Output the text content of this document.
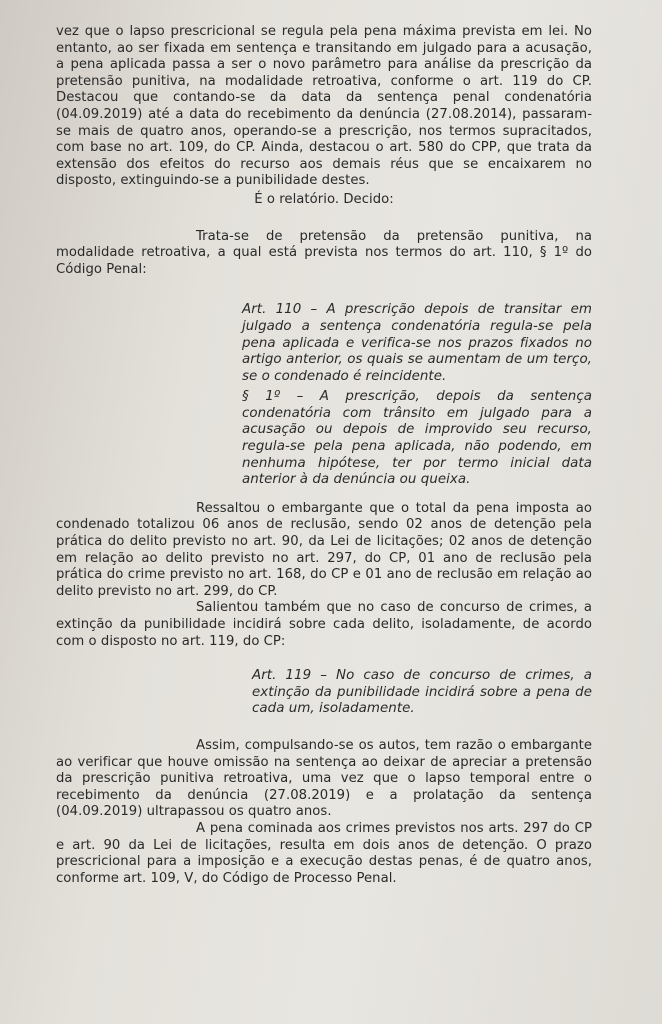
vez que o lapso prescricional se regula pela pena máxima prevista em lei. No entanto, ao ser fixada em sentença e transitando em julgado para a acusação, a pena aplicada passa a ser o novo parâmetro para análise da prescrição da pretensão punitiva, na modalidade retroativa, conforme o art. 119 do CP. Destacou que contando-se da data da sentença penal condenatória (04.09.2019) até a data do recebimento da denúncia (27.08.2014), passaram-se mais de quatro anos, operando-se a prescrição, nos termos supracitados, com base no art. 109, do CP. Ainda, destacou o art. 580 do CPP, que trata da extensão dos efeitos do recurso aos demais réus que se encaixarem no disposto, extinguindo-se a punibilidade destes.

É o relatório. Decido:

Trata-se de pretensão da pretensão punitiva, na modalidade retroativa, a qual está prevista nos termos do art. 110, § 1º do Código Penal:

Art. 110 – A prescrição depois de transitar em julgado a sentença condenatória regula-se pela pena aplicada e verifica-se nos prazos fixados no artigo anterior, os quais se aumentam de um terço, se o condenado é reincidente.

§ 1º – A prescrição, depois da sentença condenatória com trânsito em julgado para a acusação ou depois de improvido seu recurso, regula-se pela pena aplicada, não podendo, em nenhuma hipótese, ter por termo inicial data anterior à da denúncia ou queixa.

Ressaltou o embargante que o total da pena imposta ao condenado totalizou 06 anos de reclusão, sendo 02 anos de detenção pela prática do delito previsto no art. 90, da Lei de licitações; 02 anos de detenção em relação ao delito previsto no art. 297, do CP, 01 ano de reclusão pela prática do crime previsto no art. 168, do CP e 01 ano de reclusão em relação ao delito previsto no art. 299, do CP.

Salientou também que no caso de concurso de crimes, a extinção da punibilidade incidirá sobre cada delito, isoladamente, de acordo com o disposto no art. 119, do CP:

Art. 119 – No caso de concurso de crimes, a extinção da punibilidade incidirá sobre a pena de cada um, isoladamente.

Assim, compulsando-se os autos, tem razão o embargante ao verificar que houve omissão na sentença ao deixar de apreciar a pretensão da prescrição punitiva retroativa, uma vez que o lapso temporal entre o recebimento da denúncia (27.08.2019) e a prolatação da sentença (04.09.2019) ultrapassou os quatro anos.

A pena cominada aos crimes previstos nos arts. 297 do CP e art. 90 da Lei de licitações, resulta em dois anos de detenção. O prazo prescricional para a imposição e a execução destas penas, é de quatro anos, conforme art. 109, V, do Código de Processo Penal.
